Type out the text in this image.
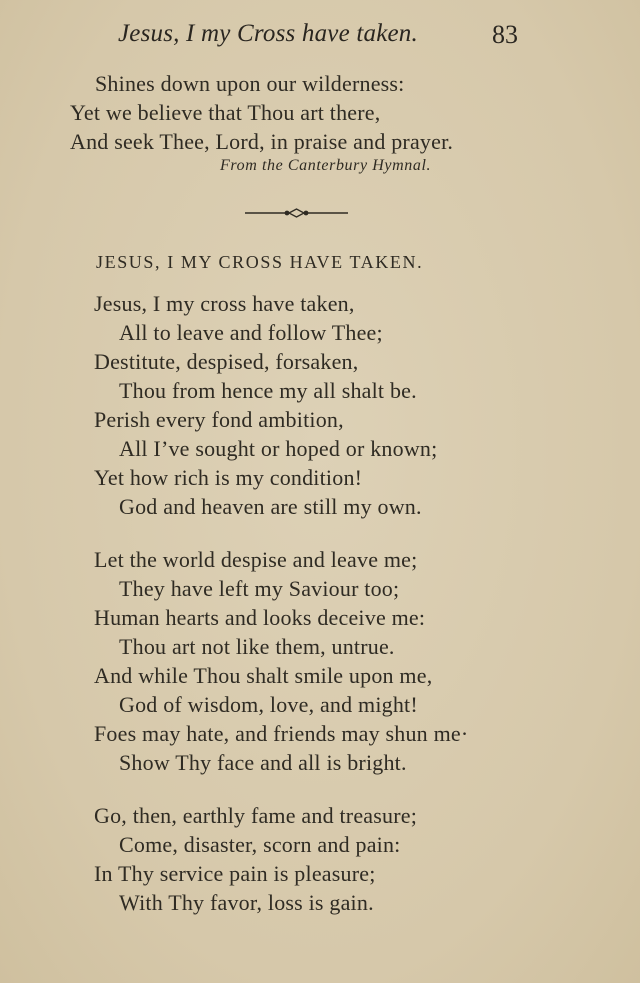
Jesus, I my Cross have taken.	83
Shines down upon our wilderness:
Yet we believe that Thou art there,
And seek Thee, Lord, in praise and prayer.
From the Canterbury Hymnal.
JESUS, I MY CROSS HAVE TAKEN.
Jesus, I my cross have taken,
All to leave and follow Thee;
Destitute, despised, forsaken,
Thou from hence my all shalt be.
Perish every fond ambition,
All I’ve sought or hoped or known;
Yet how rich is my condition!
God and heaven are still my own.
Let the world despise and leave me;
They have left my Saviour too;
Human hearts and looks deceive me:
Thou art not like them, untrue.
And while Thou shalt smile upon me,
God of wisdom, love, and might!
Foes may hate, and friends may shun me·
Show Thy face and all is bright.
Go, then, earthly fame and treasure;
Come, disaster, scorn and pain:
In Thy service pain is pleasure;
With Thy favor, loss is gain.
